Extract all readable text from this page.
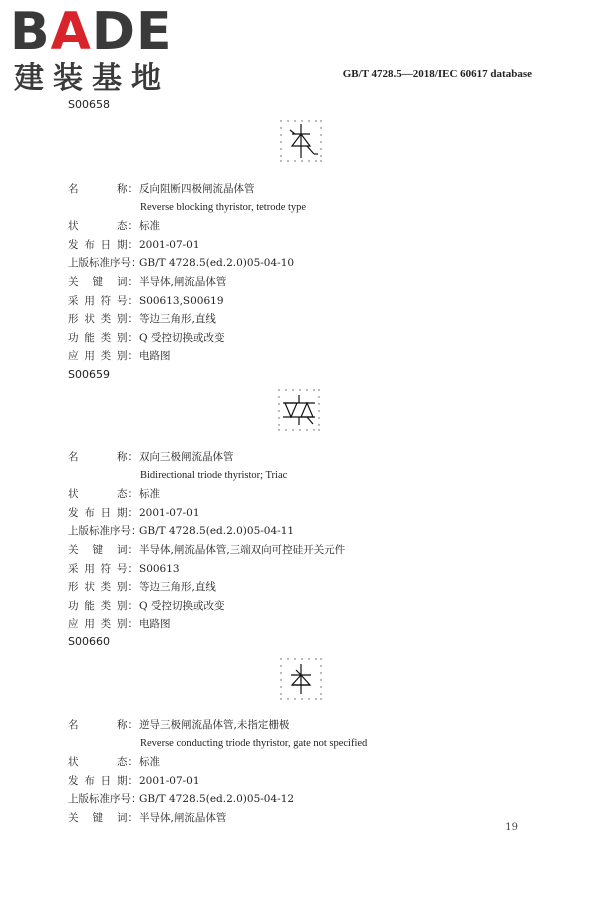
BADE
建装基地	GB/T 4728.5—2018/IEC 60617 database
S00658
名	称： 反向阻断四极闸流晶体管
Reverse blocking thyristor, tetrode type
状	态： 标准
发 布 日 期： 2001-07-01
上版标准序号：
GB/T 4728.5(ed.2.0)05-04-10
关 键 词： 半导体,闸流晶体管
采 用 符 号： S00613,S00619
形 状 类 别： 等边三角形,直线
功 能 类 别： Q 受控切换或改变
应 用 类 别： 电路图
S00659
名	称： 双向三极闸流晶体管
Bidirectional triode thyristor; Triac
状	态： 标准
发 布 日 期： 2001-07-01
上版标准序号：
GB/T 4728.5(ed.2.0)05-04-11
关 键 词： 半导体,闸流晶体管,三端双向可控硅开关元件
采 用 符 号： S00613
形 状 类 别： 等边三角形,直线
功 能 类 别： Q 受控切换或改变
应 用 类 别： 电路图
S00660
名	称： 逆导三极闸流晶体管,未指定栅极
Reverse conducting triode thyristor, gate not specified
状	态： 标准
发 布 日 期： 2001-07-01
上版标准序号：
GB/T 4728.5(ed.2.0)05-04-12
关 键 词： 半导体,闸流晶体管
19
